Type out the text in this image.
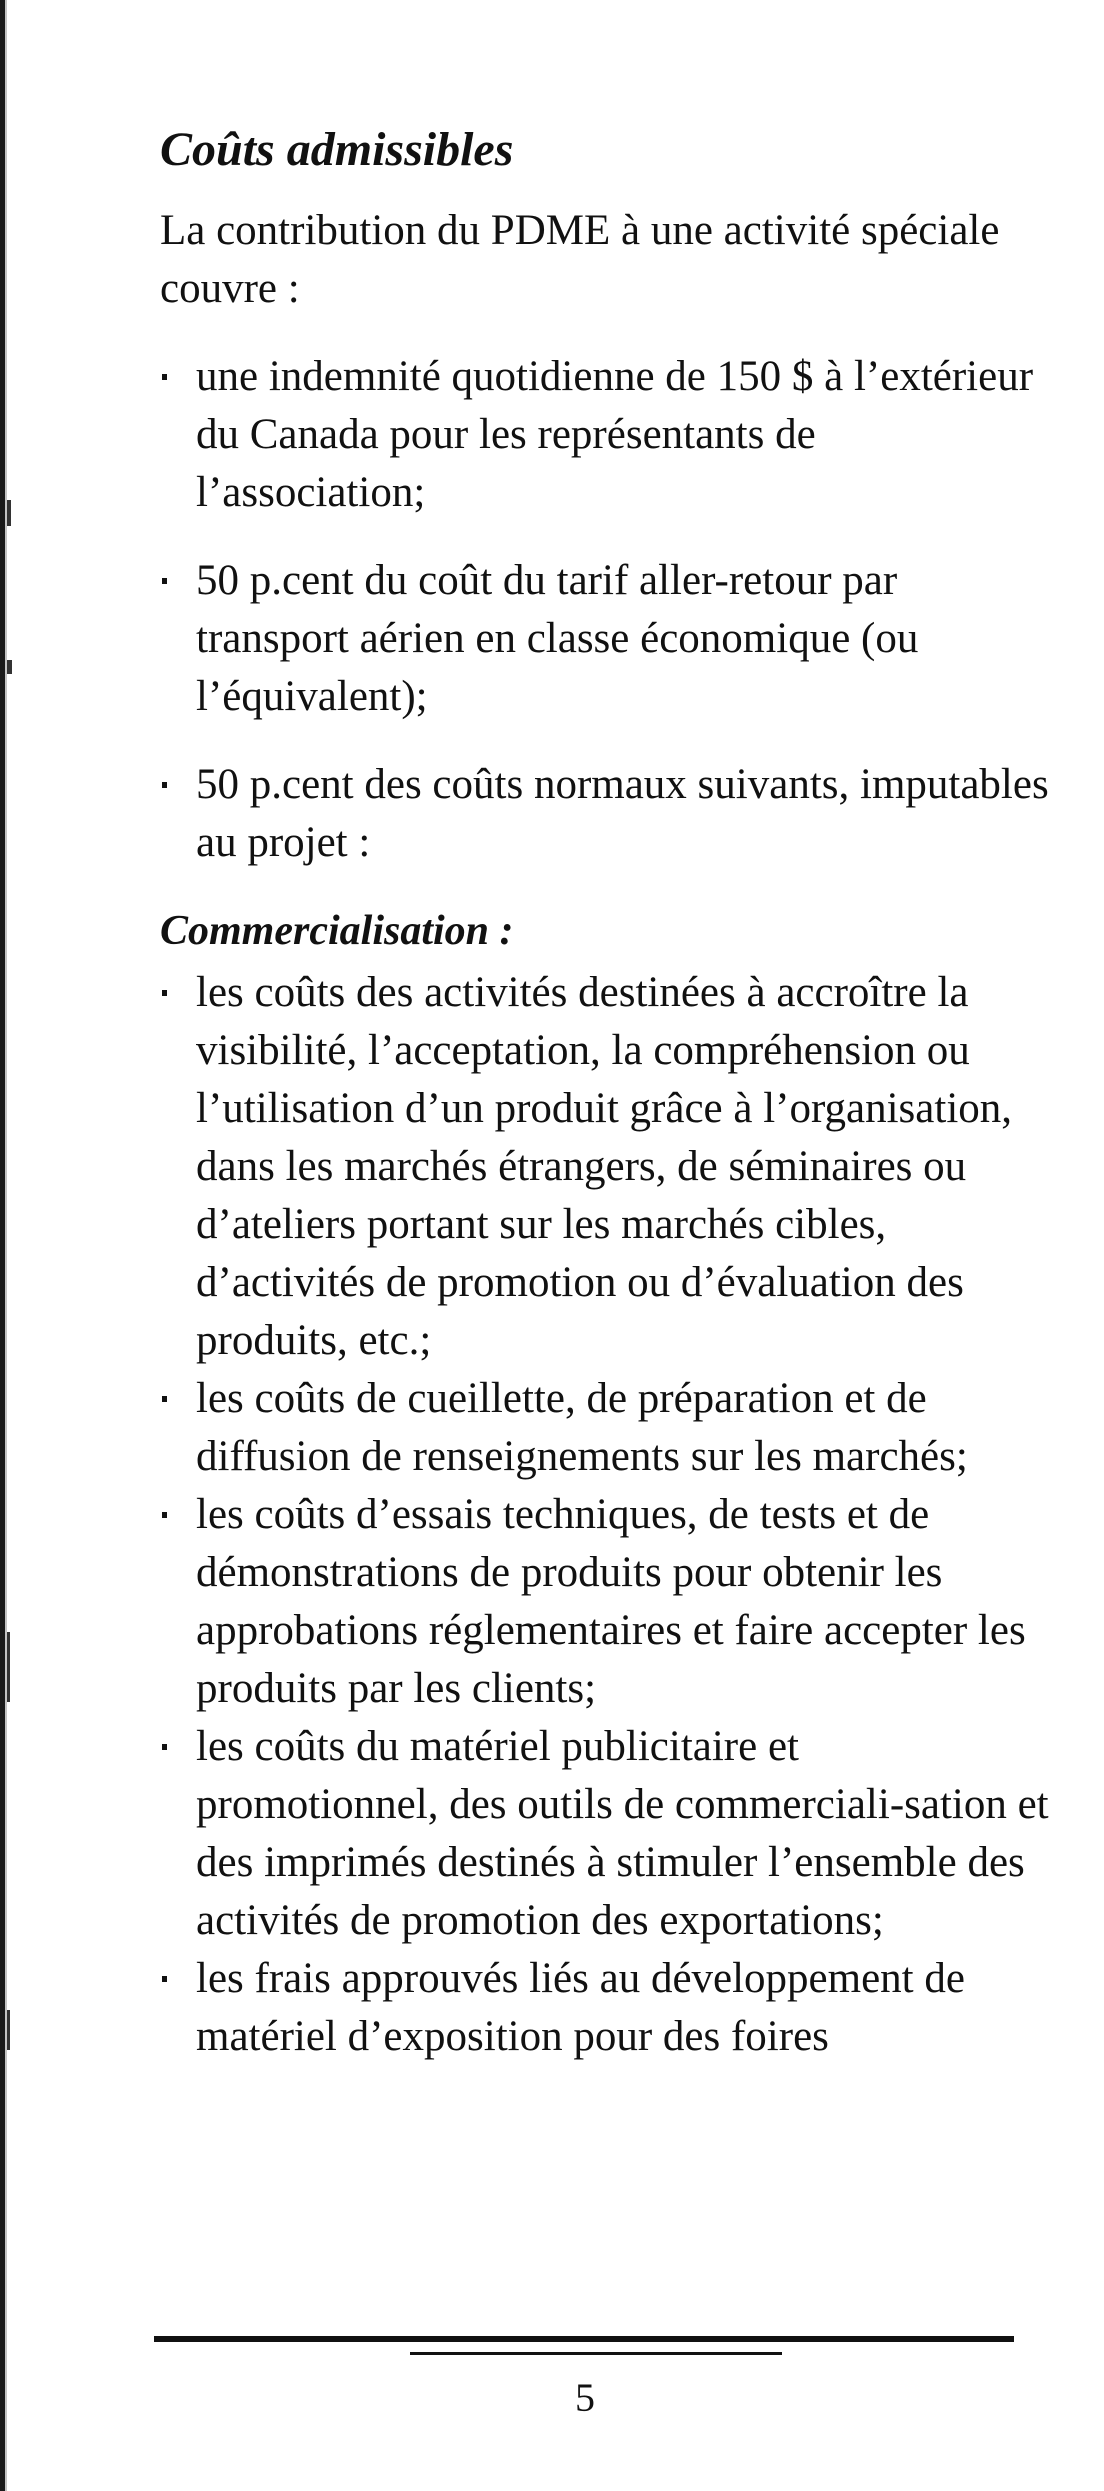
Coûts admissibles

La contribution du PDME à une activité spéciale couvre :

une indemnité quotidienne de 150 $ à l’extérieur du Canada pour les représentants de l’association;
50 p.cent du coût du tarif aller-retour par transport aérien en classe économique (ou l’équivalent);
50 p.cent des coûts normaux suivants, imputables au projet :
Commercialisation :
les coûts des activités destinées à accroître la visibilité, l’acceptation, la compréhension ou l’utilisation d’un produit grâce à l’organisation, dans les marchés étrangers, de séminaires ou d’ateliers portant sur les marchés cibles, d’activités de promotion ou d’évaluation des produits, etc.;
les coûts de cueillette, de préparation et de diffusion de renseignements sur les marchés;
les coûts d’essais techniques, de tests et de démonstrations de produits pour obtenir les approbations réglementaires et faire accepter les produits par les clients;
les coûts du matériel publicitaire et promotionnel, des outils de commerciali-sation et des imprimés destinés à stimuler l’ensemble des activités de promotion des exportations;
les frais approuvés liés au développement de matériel d’exposition pour des foires
5
